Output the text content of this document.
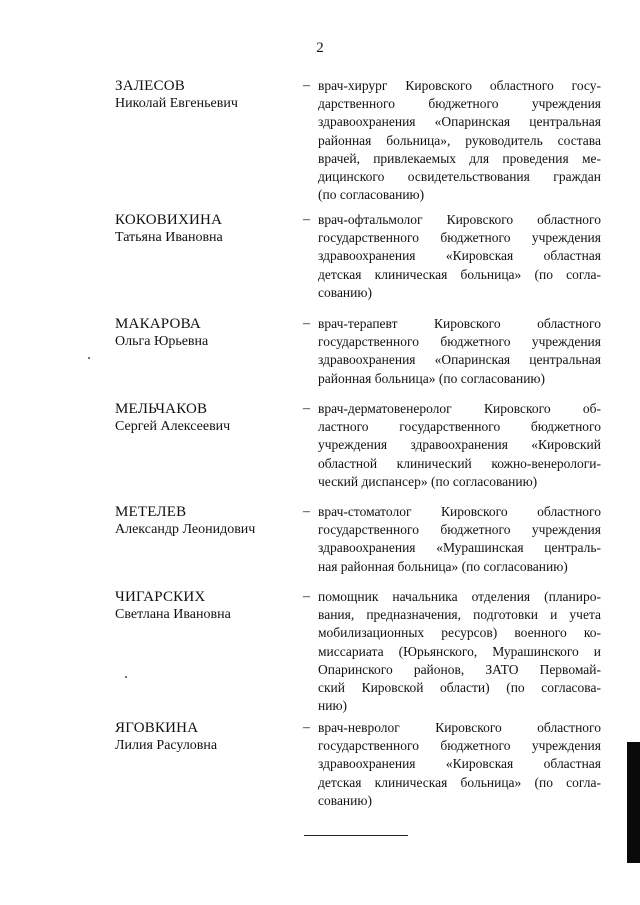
2
ЗАЛЕСОВ
Николай Евгеньевич
– врач-хирург Кировского областного госу-
дарственного бюджетного учреждения
здравоохранения «Опаринская центральная
районная больница», руководитель состава
врачей, привлекаемых для проведения ме-
дицинского освидетельствования граждан
(по согласованию)
КОКОВИХИНА
Татьяна Ивановна
– врач-офтальмолог Кировского областного
государственного бюджетного учреждения
здравоохранения «Кировская областная
детская клиническая больница» (по согла-
сованию)
МАКАРОВА
Ольга Юрьевна
– врач-терапевт Кировского областного
государственного бюджетного учреждения
здравоохранения «Опаринская центральная
районная больница» (по согласованию)
МЕЛЬЧАКОВ
Сергей Алексеевич
– врач-дерматовенеролог Кировского об-
ластного государственного бюджетного
учреждения здравоохранения «Кировский
областной клинический кожно-венерологи-
ческий диспансер» (по согласованию)
МЕТЕЛЕВ
Александр Леонидович
– врач-стоматолог Кировского областного
государственного бюджетного учреждения
здравоохранения «Мурашинская централь-
ная районная больница» (по согласованию)
ЧИГАРСКИХ
Светлана Ивановна
– помощник начальника отделения (планиро-
вания, предназначения, подготовки и учета
мобилизационных ресурсов) военного ко-
миссариата (Юрьянского, Мурашинского и
Опаринского районов, ЗАТО Первомай-
ский Кировской области) (по согласова-
нию)
ЯГОВКИНА
Лилия Расуловна
– врач-невролог Кировского областного
государственного бюджетного учреждения
здравоохранения «Кировская областная
детская клиническая больница» (по согла-
сованию)
